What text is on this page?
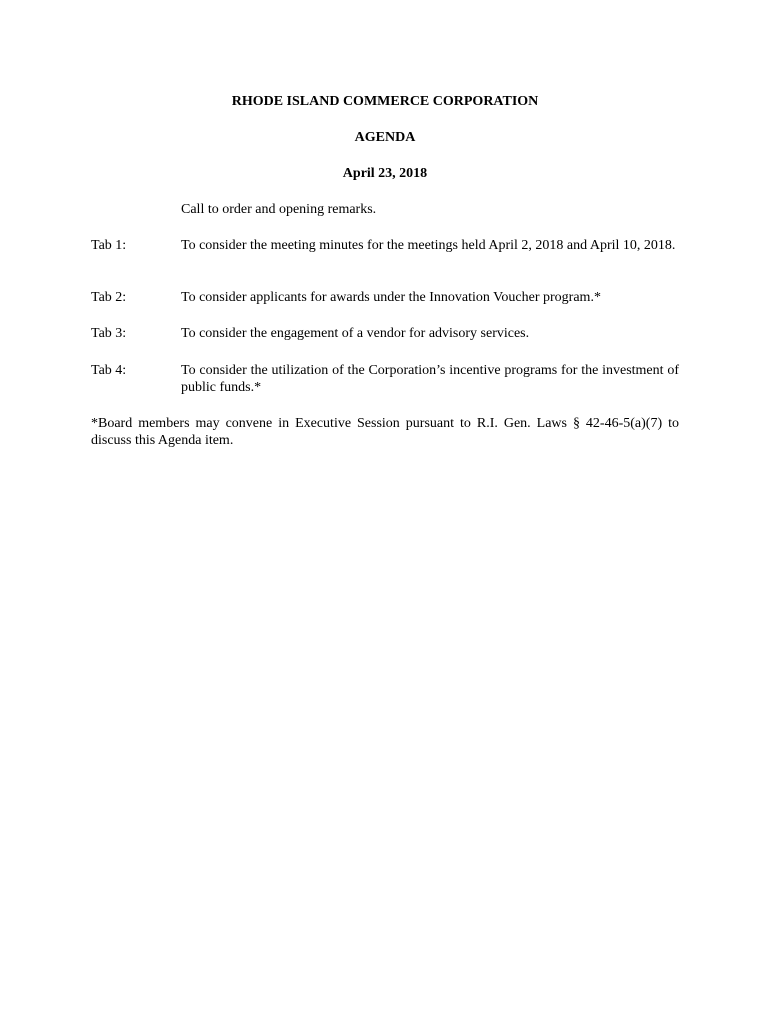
RHODE ISLAND COMMERCE CORPORATION
AGENDA
April 23, 2018
Call to order and opening remarks.
Tab 1:	To consider the meeting minutes for the meetings held April 2, 2018 and April 10, 2018.
Tab 2:	To consider applicants for awards under the Innovation Voucher program.*
Tab 3:	To consider the engagement of a vendor for advisory services.
Tab 4:	To consider the utilization of the Corporation’s incentive programs for the investment of public funds.*
*Board members may convene in Executive Session pursuant to R.I. Gen. Laws § 42-46-5(a)(7) to discuss this Agenda item.
